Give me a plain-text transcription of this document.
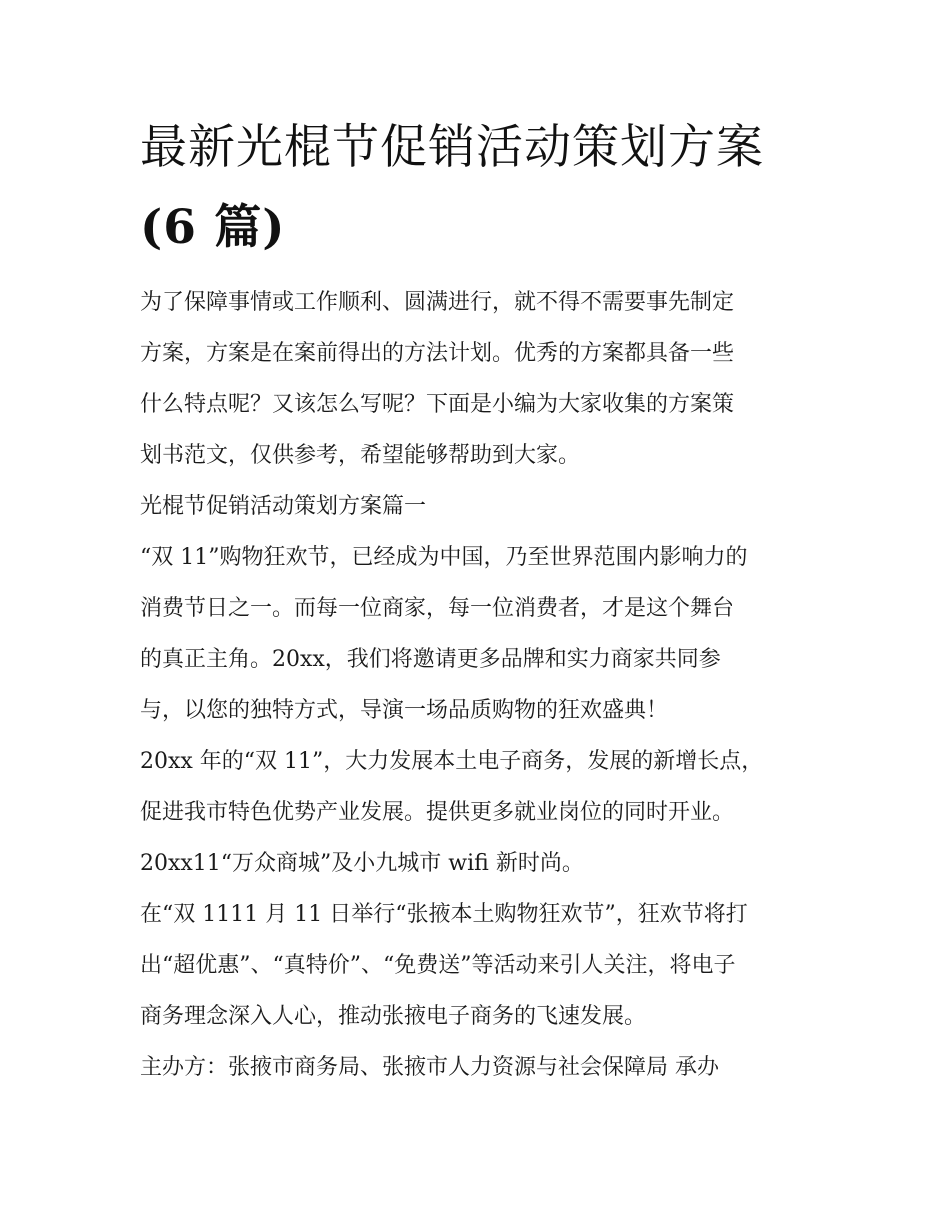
最新光棍节促销活动策划方案
(6 篇)

为了保障事情或工作顺利、圆满进行，就不得不需要事先制定
方案，方案是在案前得出的方法计划。优秀的方案都具备一些
什么特点呢？又该怎么写呢？下面是小编为大家收集的方案策
划书范文，仅供参考，希望能够帮助到大家。

光棍节促销活动策划方案篇一

“双 11”购物狂欢节，已经成为中国，乃至世界范围内影响力的
消费节日之一。而每一位商家，每一位消费者，才是这个舞台
的真正主角。20xx，我们将邀请更多品牌和实力商家共同参
与，以您的独特方式，导演一场品质购物的狂欢盛典！

20xx 年的“双 11”，大力发展本土电子商务，发展的新增长点，
促进我市特色优势产业发展。提供更多就业岗位的同时开业。

20xx11“万众商城”及小九城市 wifi 新时尚。

在“双 1111 月 11 日举行“张掖本土购物狂欢节”，狂欢节将打
出“超优惠”、“真特价”、“免费送”等活动来引人关注，将电子
商务理念深入人心，推动张掖电子商务的飞速发展。

主办方：张掖市商务局、张掖市人力资源与社会保障局 承办
